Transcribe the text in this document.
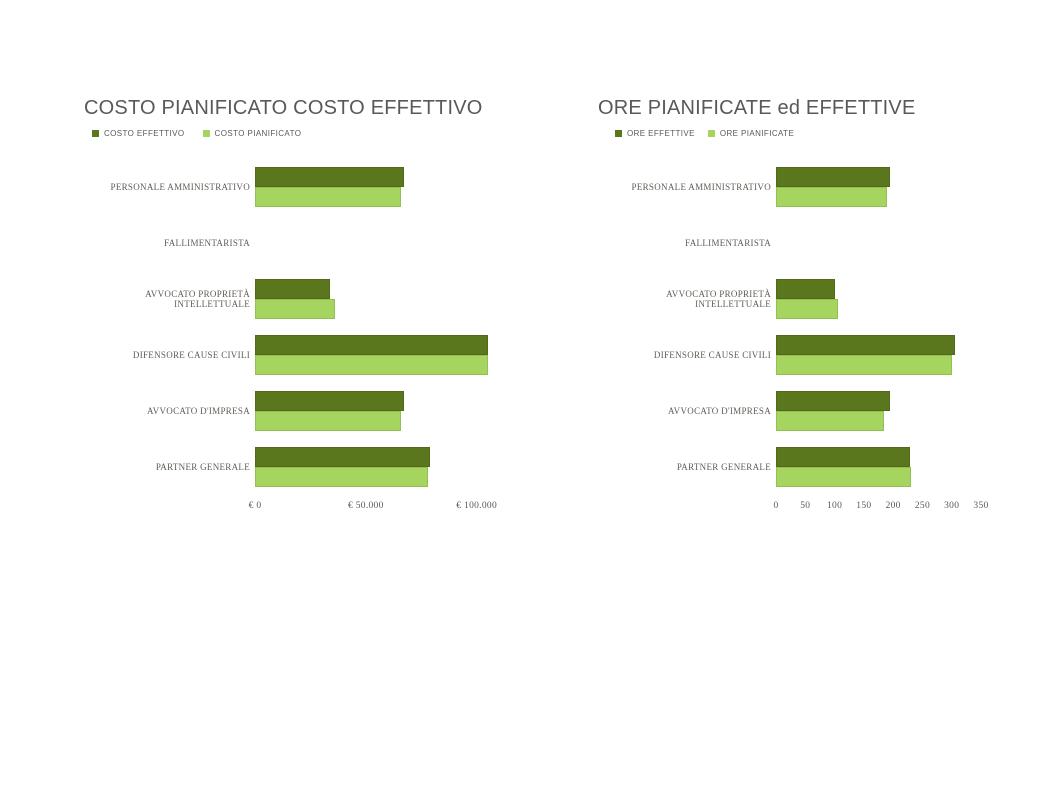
COSTO PIANIFICATO COSTO EFFETTIVO
COSTO EFFETTIVO	COSTO PIANIFICATO
PERSONALE AMMINISTRATIVO
FALLIMENTARISTA
AVVOCATO PROPRIETÀ INTELLETTUALE
DIFENSORE CAUSE CIVILI
AVVOCATO D'IMPRESA
PARTNER GENERALE
€ 0	€ 50.000	€ 100.000
ORE PIANIFICATE ed EFFETTIVE
ORE EFFETTIVE	ORE PIANIFICATE
PERSONALE AMMINISTRATIVO
FALLIMENTARISTA
AVVOCATO PROPRIETÀ INTELLETTUALE
DIFENSORE CAUSE CIVILI
AVVOCATO D'IMPRESA
PARTNER GENERALE
0 50 100 150 200 250 300 350
